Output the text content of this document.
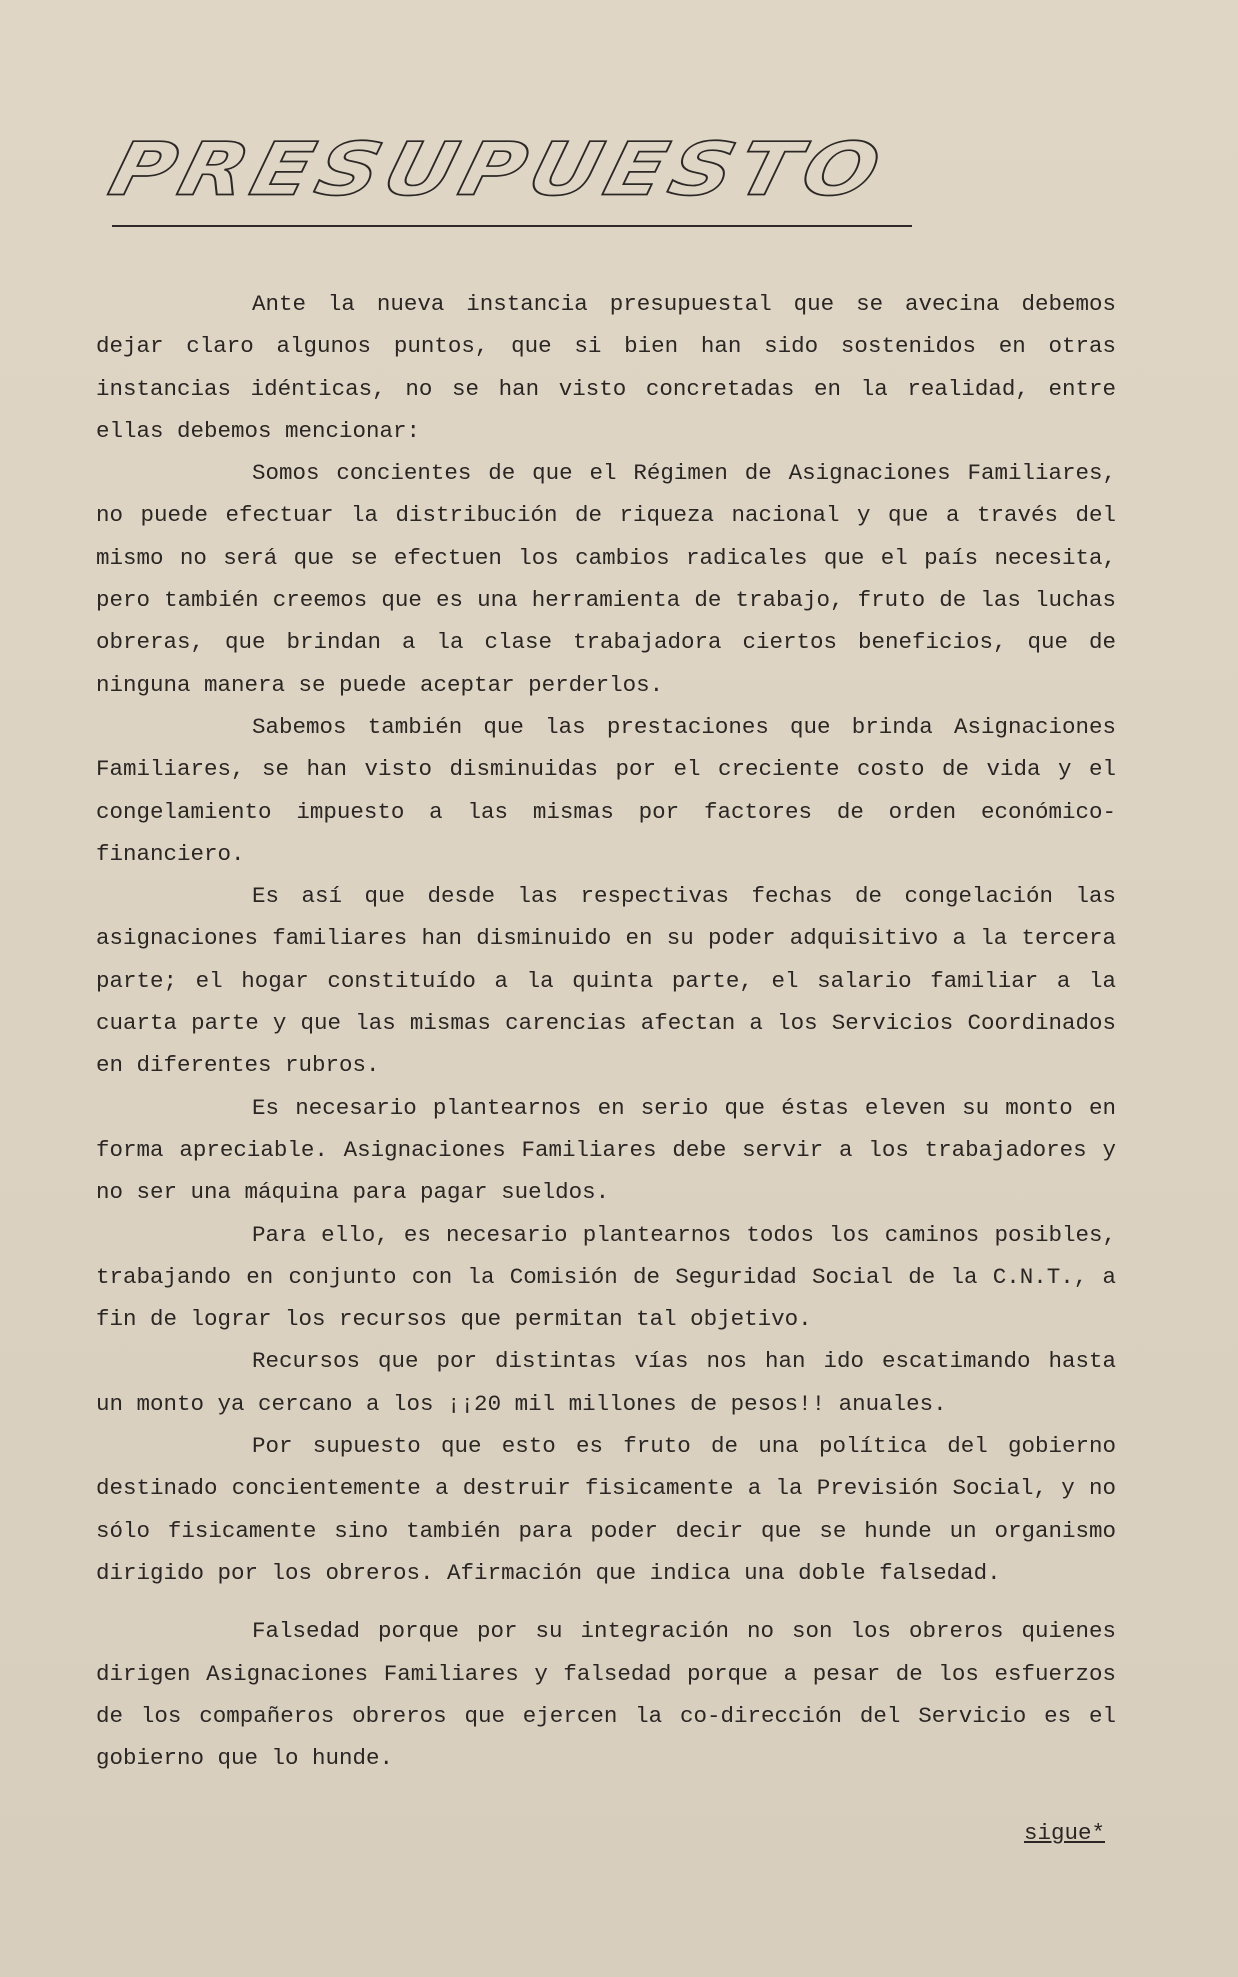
PRESUPUESTO

Ante la nueva instancia presupuestal que se avecina debemos dejar claro algunos puntos, que si bien han sido sostenidos en otras instancias idénticas, no se han visto concretadas en la realidad, entre ellas debemos mencionar:

Somos concientes de que el Régimen de Asignaciones Familiares, no puede efectuar la distribución de riqueza nacional y que a través del mismo no será que se efectuen los cambios radicales que el país necesita, pero también creemos que es una herramienta de trabajo, fruto de las luchas obreras, que brindan a la clase trabajadora ciertos beneficios, que de ninguna manera se puede aceptar perderlos.

Sabemos también que las prestaciones que brinda Asignaciones Familiares, se han visto disminuidas por el creciente costo de vida y el congelamiento impuesto a las mismas por factores de orden económico-financiero.

Es así que desde las respectivas fechas de congelación las asignaciones familiares han disminuido en su poder adquisitivo a la tercera parte; el hogar constituído a la quinta parte, el salario familiar a la cuarta parte y que las mismas carencias afectan a los Servicios Coordinados en diferentes rubros.

Es necesario plantearnos en serio que éstas eleven su monto en forma apreciable. Asignaciones Familiares debe servir a los trabajadores y no ser una máquina para pagar sueldos.

Para ello, es necesario plantearnos todos los caminos posibles, trabajando en conjunto con la Comisión de Seguridad Social de la C.N.T., a fin de lograr los recursos que permitan tal objetivo.

Recursos que por distintas vías nos han ido escatimando hasta un monto ya cercano a los ¡¡20 mil millones de pesos!! anuales.

Por supuesto que esto es fruto de una política del gobierno destinado concientemente a destruir fisicamente a la Previsión Social, y no sólo fisicamente sino también para poder decir que se hunde un organismo dirigido por los obreros. Afirmación que indica una doble falsedad.

Falsedad porque por su integración no son los obreros quienes dirigen Asignaciones Familiares y falsedad porque a pesar de los esfuerzos de los compañeros obreros que ejercen la co-dirección del Servicio es el gobierno que lo hunde.

sigue*
